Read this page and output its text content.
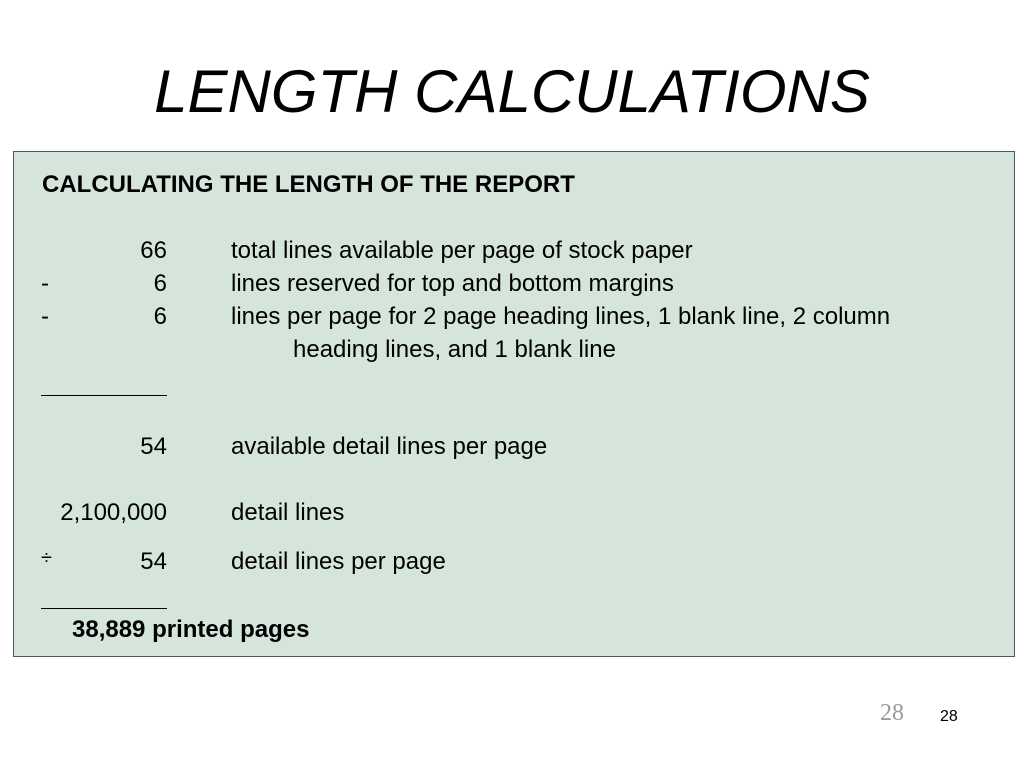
LENGTH CALCULATIONS
CALCULATING THE LENGTH OF THE REPORT
66	total lines available per page of stock paper
-	6	lines reserved for top and bottom margins
-	6	lines per page for 2 page heading lines, 1 blank line, 2 column
heading lines, and 1 blank line
54	available detail lines per page
2,100,000	detail lines
÷	54	detail lines per page
38,889 printed pages
28 28
